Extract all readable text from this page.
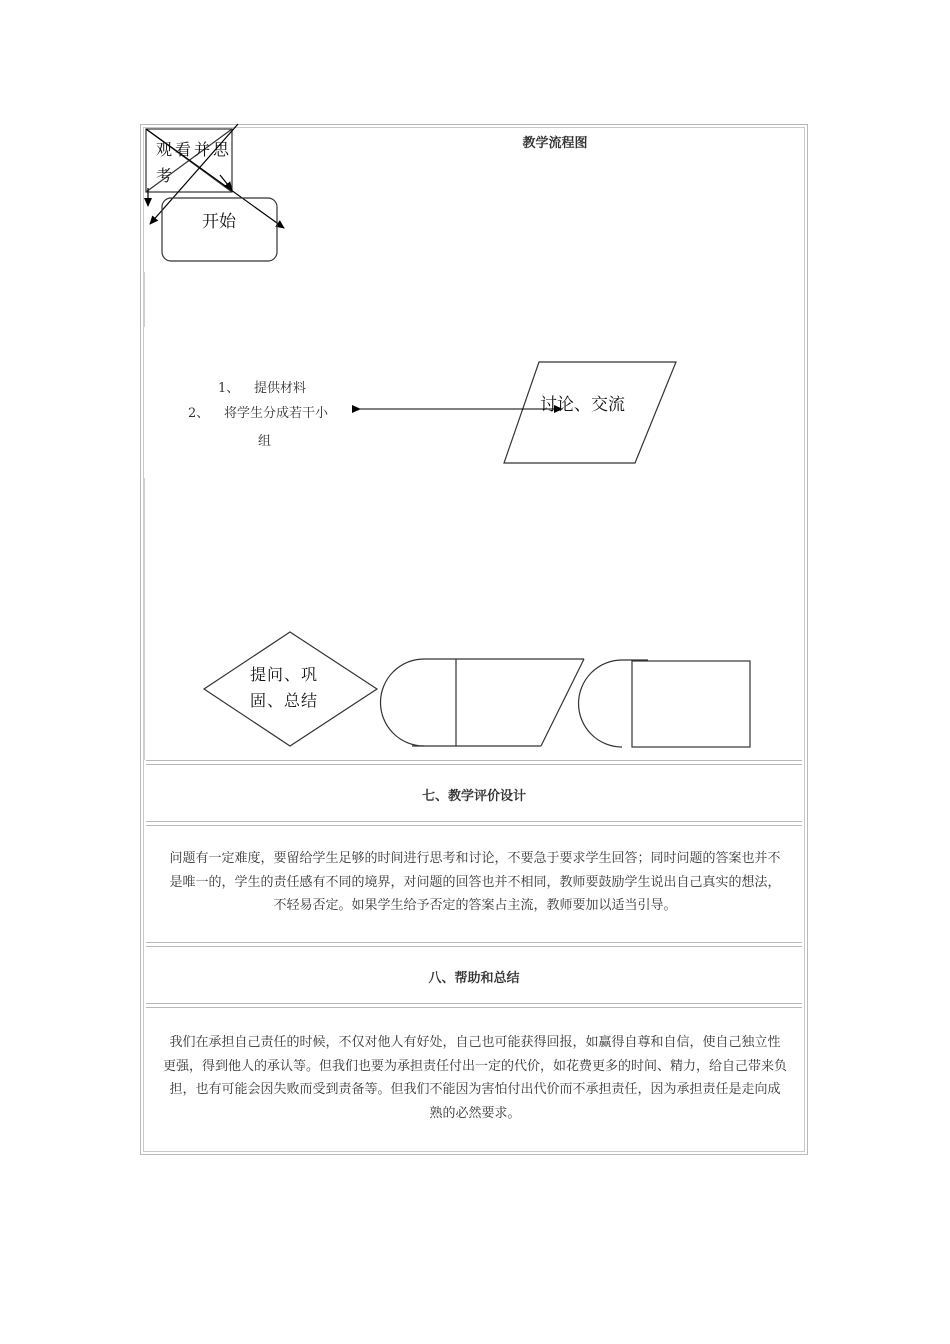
教学流程图
观看并思考
开始
讨论、交流
提问、巩固、总结
1、 提供材料
2、 将学生分成若干小
组
七、教学评价设计
问题有一定难度，要留给学生足够的时间进行思考和讨论，不要急于要求学生回答；同时问题的答案也并不
是唯一的，学生的责任感有不同的境界，对问题的回答也并不相同，教师要鼓励学生说出自己真实的想法，
不轻易否定。如果学生给予否定的答案占主流，教师要加以适当引导。
八、帮助和总结
我们在承担自己责任的时候，不仅对他人有好处，自己也可能获得回报，如赢得自尊和自信，使自己独立性
更强，得到他人的承认等。但我们也要为承担责任付出一定的代价，如花费更多的时间、精力，给自己带来负
担，也有可能会因失败而受到责备等。但我们不能因为害怕付出代价而不承担责任，因为承担责任是走向成
熟的必然要求。
